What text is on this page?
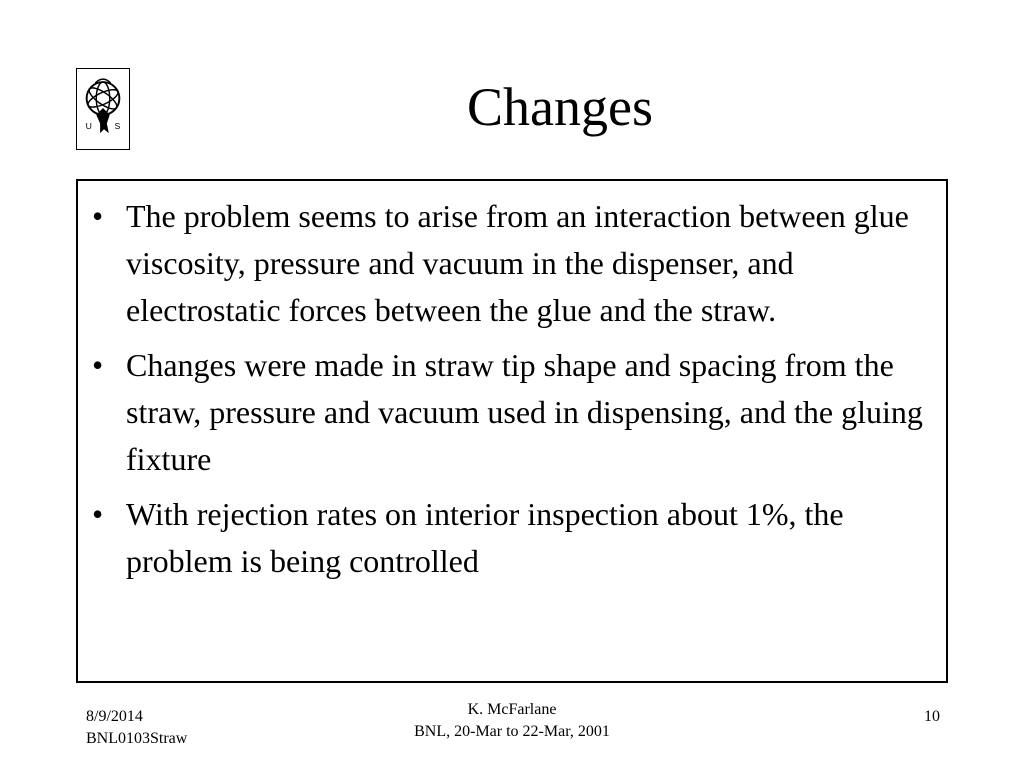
U	S	Changes
• The problem seems to arise from an interaction between glue viscosity, pressure and vacuum in the dispenser, and electrostatic forces between the glue and the straw.
• Changes were made in straw tip shape and spacing from the straw, pressure and vacuum used in dispensing, and the gluing fixture
• With rejection rates on interior inspection about 1%, the problem is being controlled
8/9/2014
BNL0103Straw
K. McFarlane
BNL, 20-Mar to 22-Mar, 2001
10
